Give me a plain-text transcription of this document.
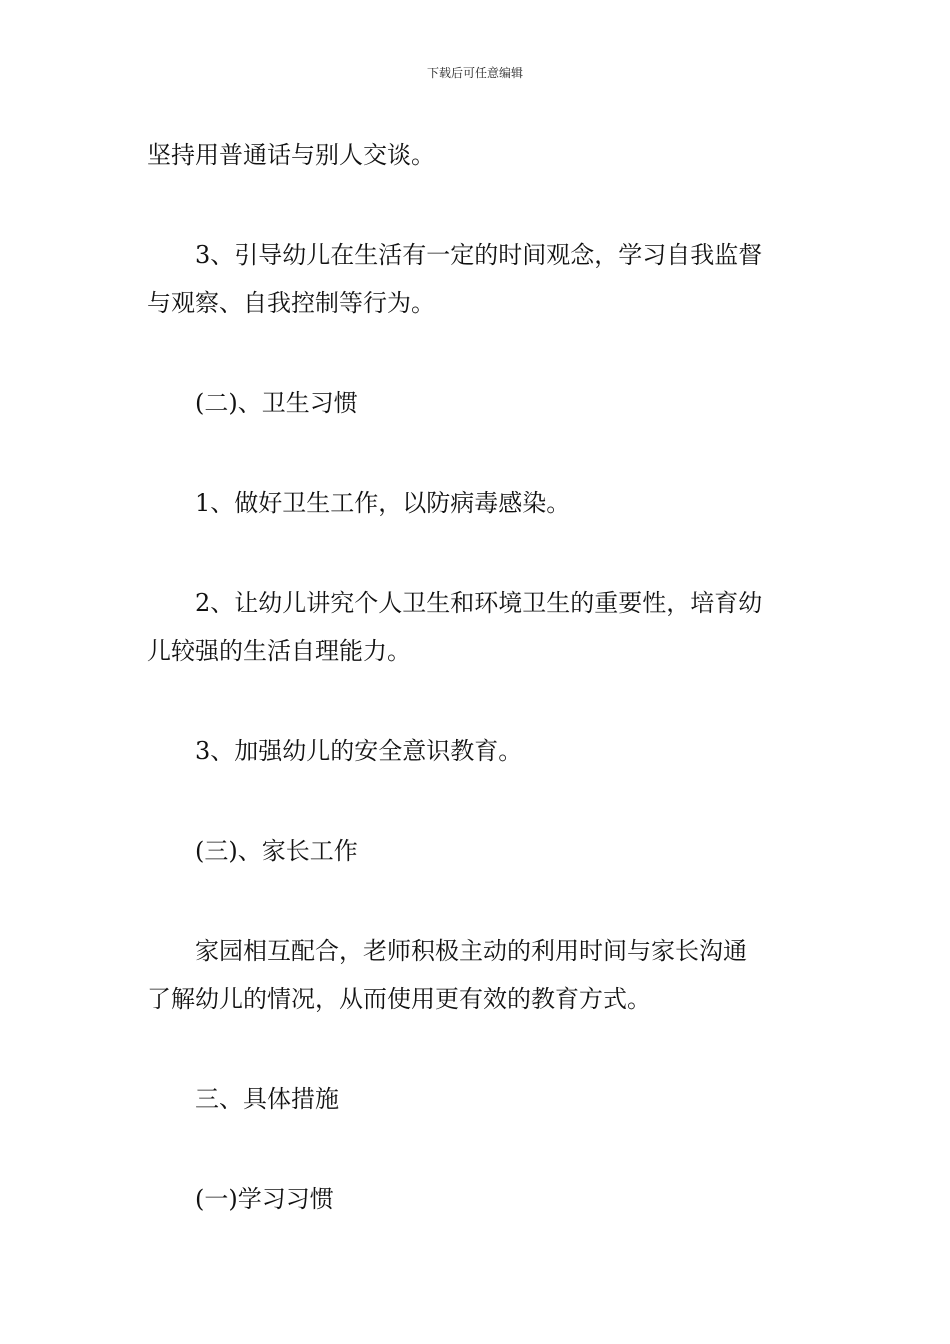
下载后可任意编辑

坚持用普通话与别人交谈。

3、引导幼儿在生活有一定的时间观念，学习自我监督

与观察、自我控制等行为。

(二)、卫生习惯

1、做好卫生工作，以防病毒感染。

2、让幼儿讲究个人卫生和环境卫生的重要性，培育幼

儿较强的生活自理能力。

3、加强幼儿的安全意识教育。

(三)、家长工作

家园相互配合，老师积极主动的利用时间与家长沟通

了解幼儿的情况，从而使用更有效的教育方式。

三、具体措施

(一)学习习惯
